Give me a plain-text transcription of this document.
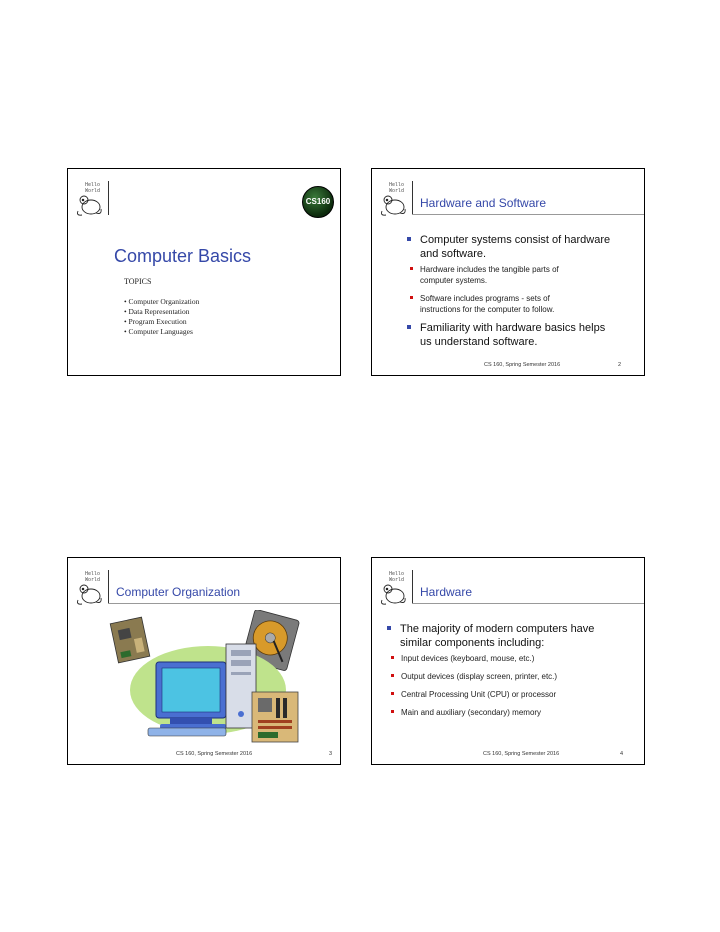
Hello
World
CS160
Computer Basics
TOPICS
• Computer Organization
• Data Representation
• Program Execution
• Computer Languages
Hello
World
Hardware and Software
Computer systems consist of hardware
and software.
Hardware includes the tangible parts of
computer systems.
Software includes programs - sets of
instructions for the computer to follow.
Familiarity with hardware basics helps
us understand software.
CS 160, Spring Semester 2016	2
Hello
World
Computer Organization
CS 160, Spring Semester 2016	3
Hello
World
Hardware
The majority of modern computers have
similar components including:
Input devices (keyboard, mouse, etc.)
Output devices (display screen, printer, etc.)
Central Processing Unit (CPU) or processor
Main and auxiliary (secondary) memory
CS 160, Spring Semester 2016	4
